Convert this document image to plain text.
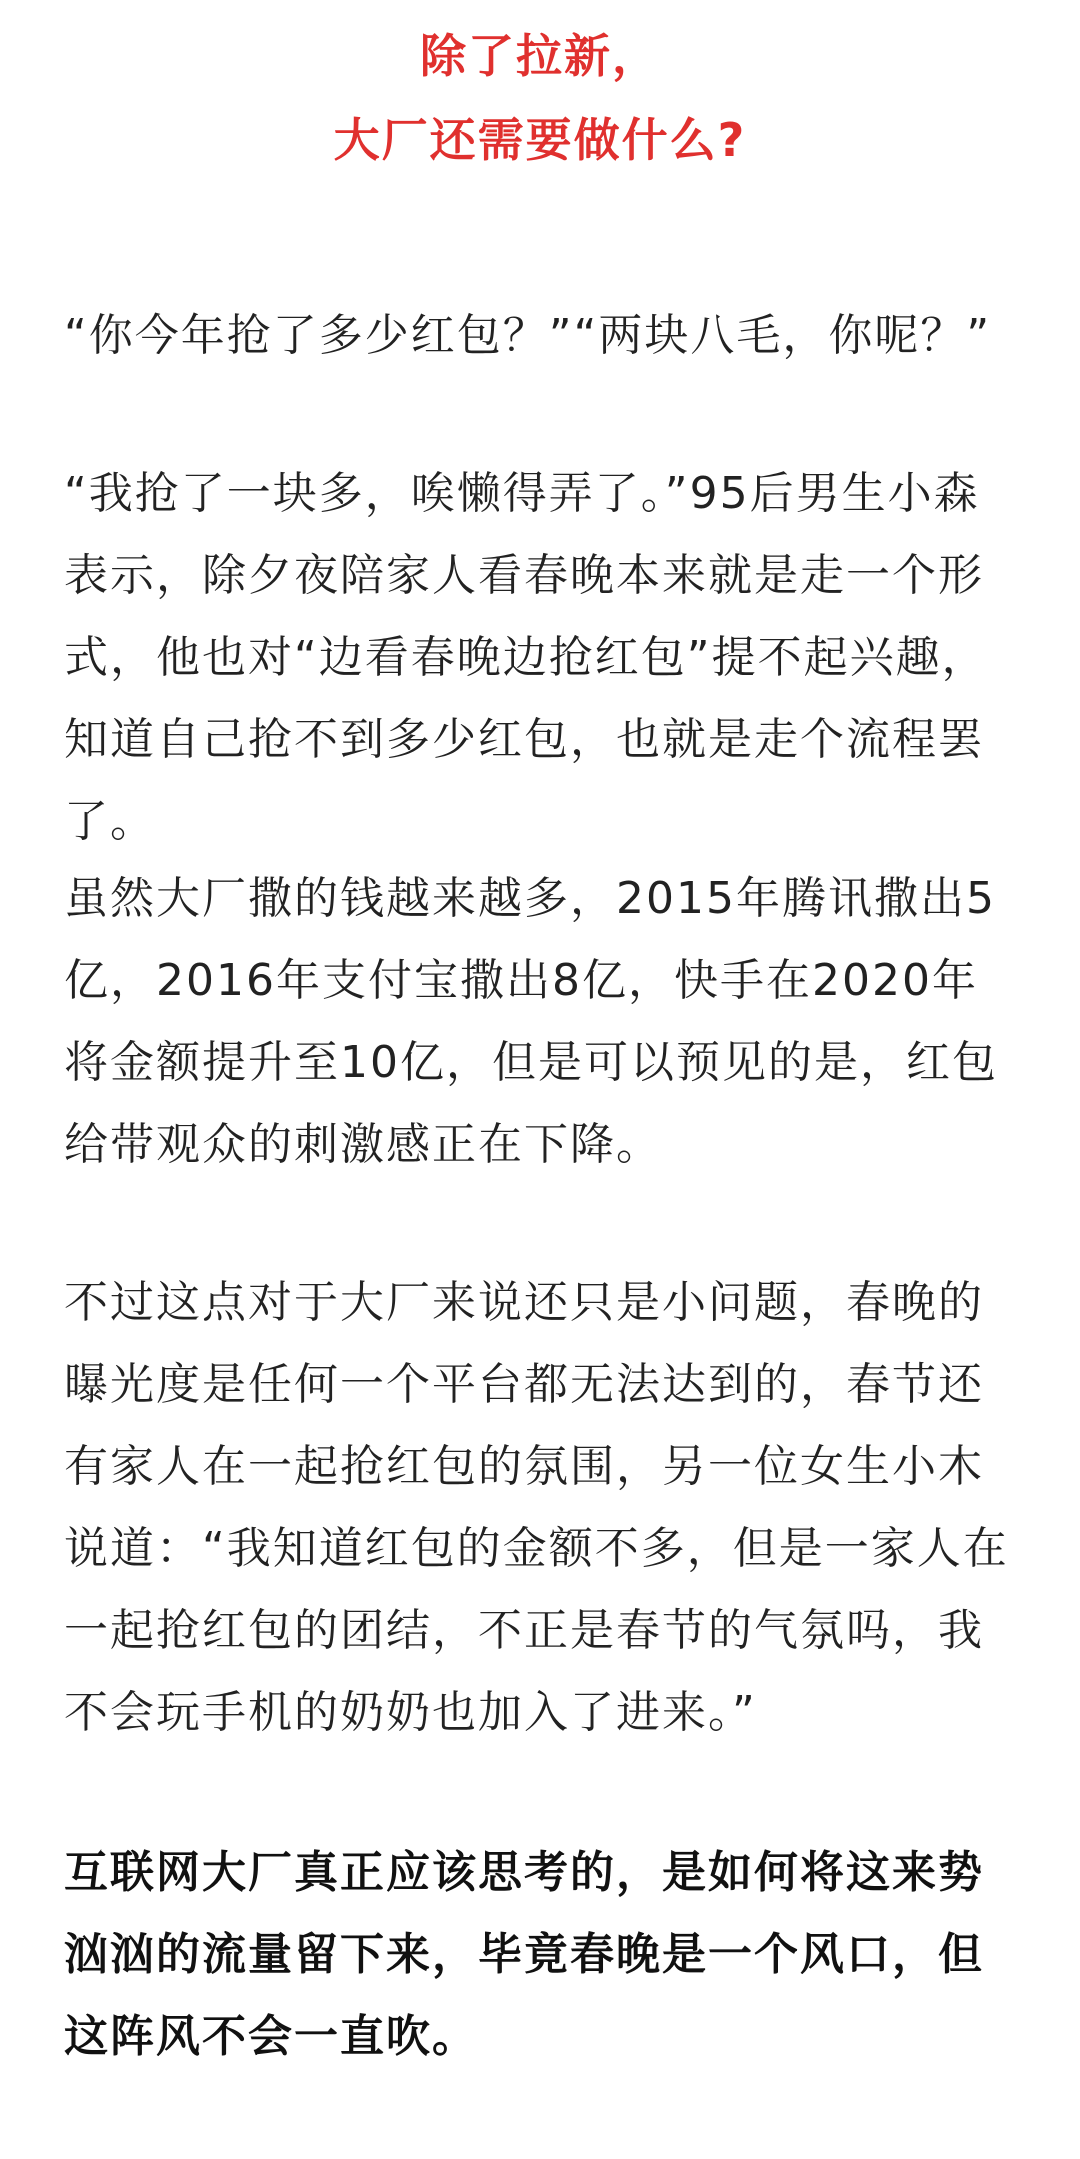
除了拉新，
大厂还需要做什么?

“你今年抢了多少红包？”“两块八毛，你呢？”

“我抢了一块多，唉懒得弄了。”95后男生小森表示，除夕夜陪家人看春晚本来就是走一个形式，他也对“边看春晚边抢红包”提不起兴趣，知道自己抢不到多少红包，也就是走个流程罢了。

虽然大厂撒的钱越来越多，2015年腾讯撒出5亿，2016年支付宝撒出8亿，快手在2020年将金额提升至10亿，但是可以预见的是，红包给带观众的刺激感正在下降。

不过这点对于大厂来说还只是小问题，春晚的曝光度是任何一个平台都无法达到的，春节还有家人在一起抢红包的氛围，另一位女生小木说道：“我知道红包的金额不多，但是一家人在一起抢红包的团结，不正是春节的气氛吗，我不会玩手机的奶奶也加入了进来。”

互联网大厂真正应该思考的，是如何将这来势汹汹的流量留下来，毕竟春晚是一个风口，但这阵风不会一直吹。
